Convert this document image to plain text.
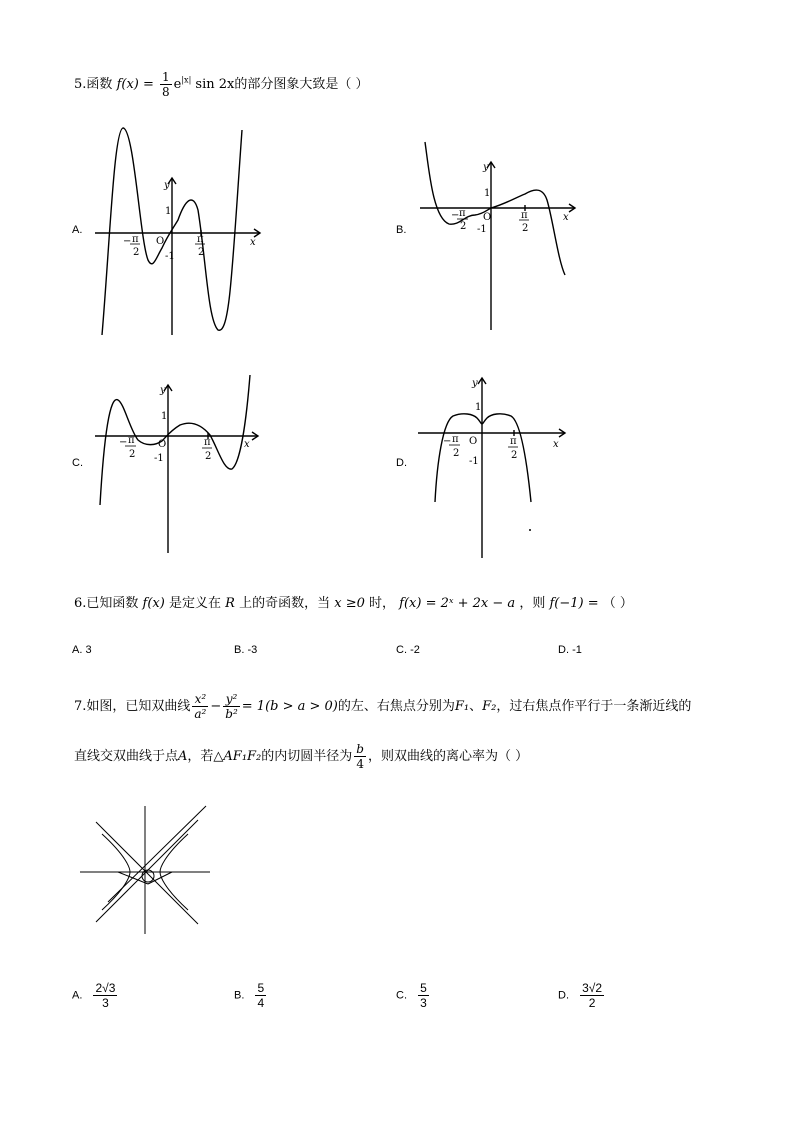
5.函数 $f(x) = \frac{1}{8} e^{|x|}$ sin 2x的部分图象大致是（ ）
A.	B.
C.	D.
y
x
O
1
-1
− π
2
π
2
y
x
O
1
-1
− π
2
π
2
y
x
O
1
-1
− π
2
π
2
y
x
O
1
-1
− π
2
π
2
6.已知函数 f(x) 是定义在 R 上的奇函数，当 x ≥0 时， f(x) = 2ˣ + 2x − a ，则 f(−1) = （ ）
A. 3	B. -3	C. -2	D. -1
7.如图，已知双曲线 $\frac{\text{x²}}{\text{a²}} - \frac{\text{y²}}{\text{b²}} = 1(b > a > 0)$的左、右焦点分别为F₁、F₂，过右焦点作平行于一条渐近线的
直线交双曲线于点A，若△AF₁F₂的内切圆半径为 $\frac{b}{4}$ ，则双曲线的离心率为（ ）
A. $\frac{2√3}{3}$	B. $\frac{5}{4}$	C. $\frac{5}{3}$	D. $\frac{3√2}{2}$
